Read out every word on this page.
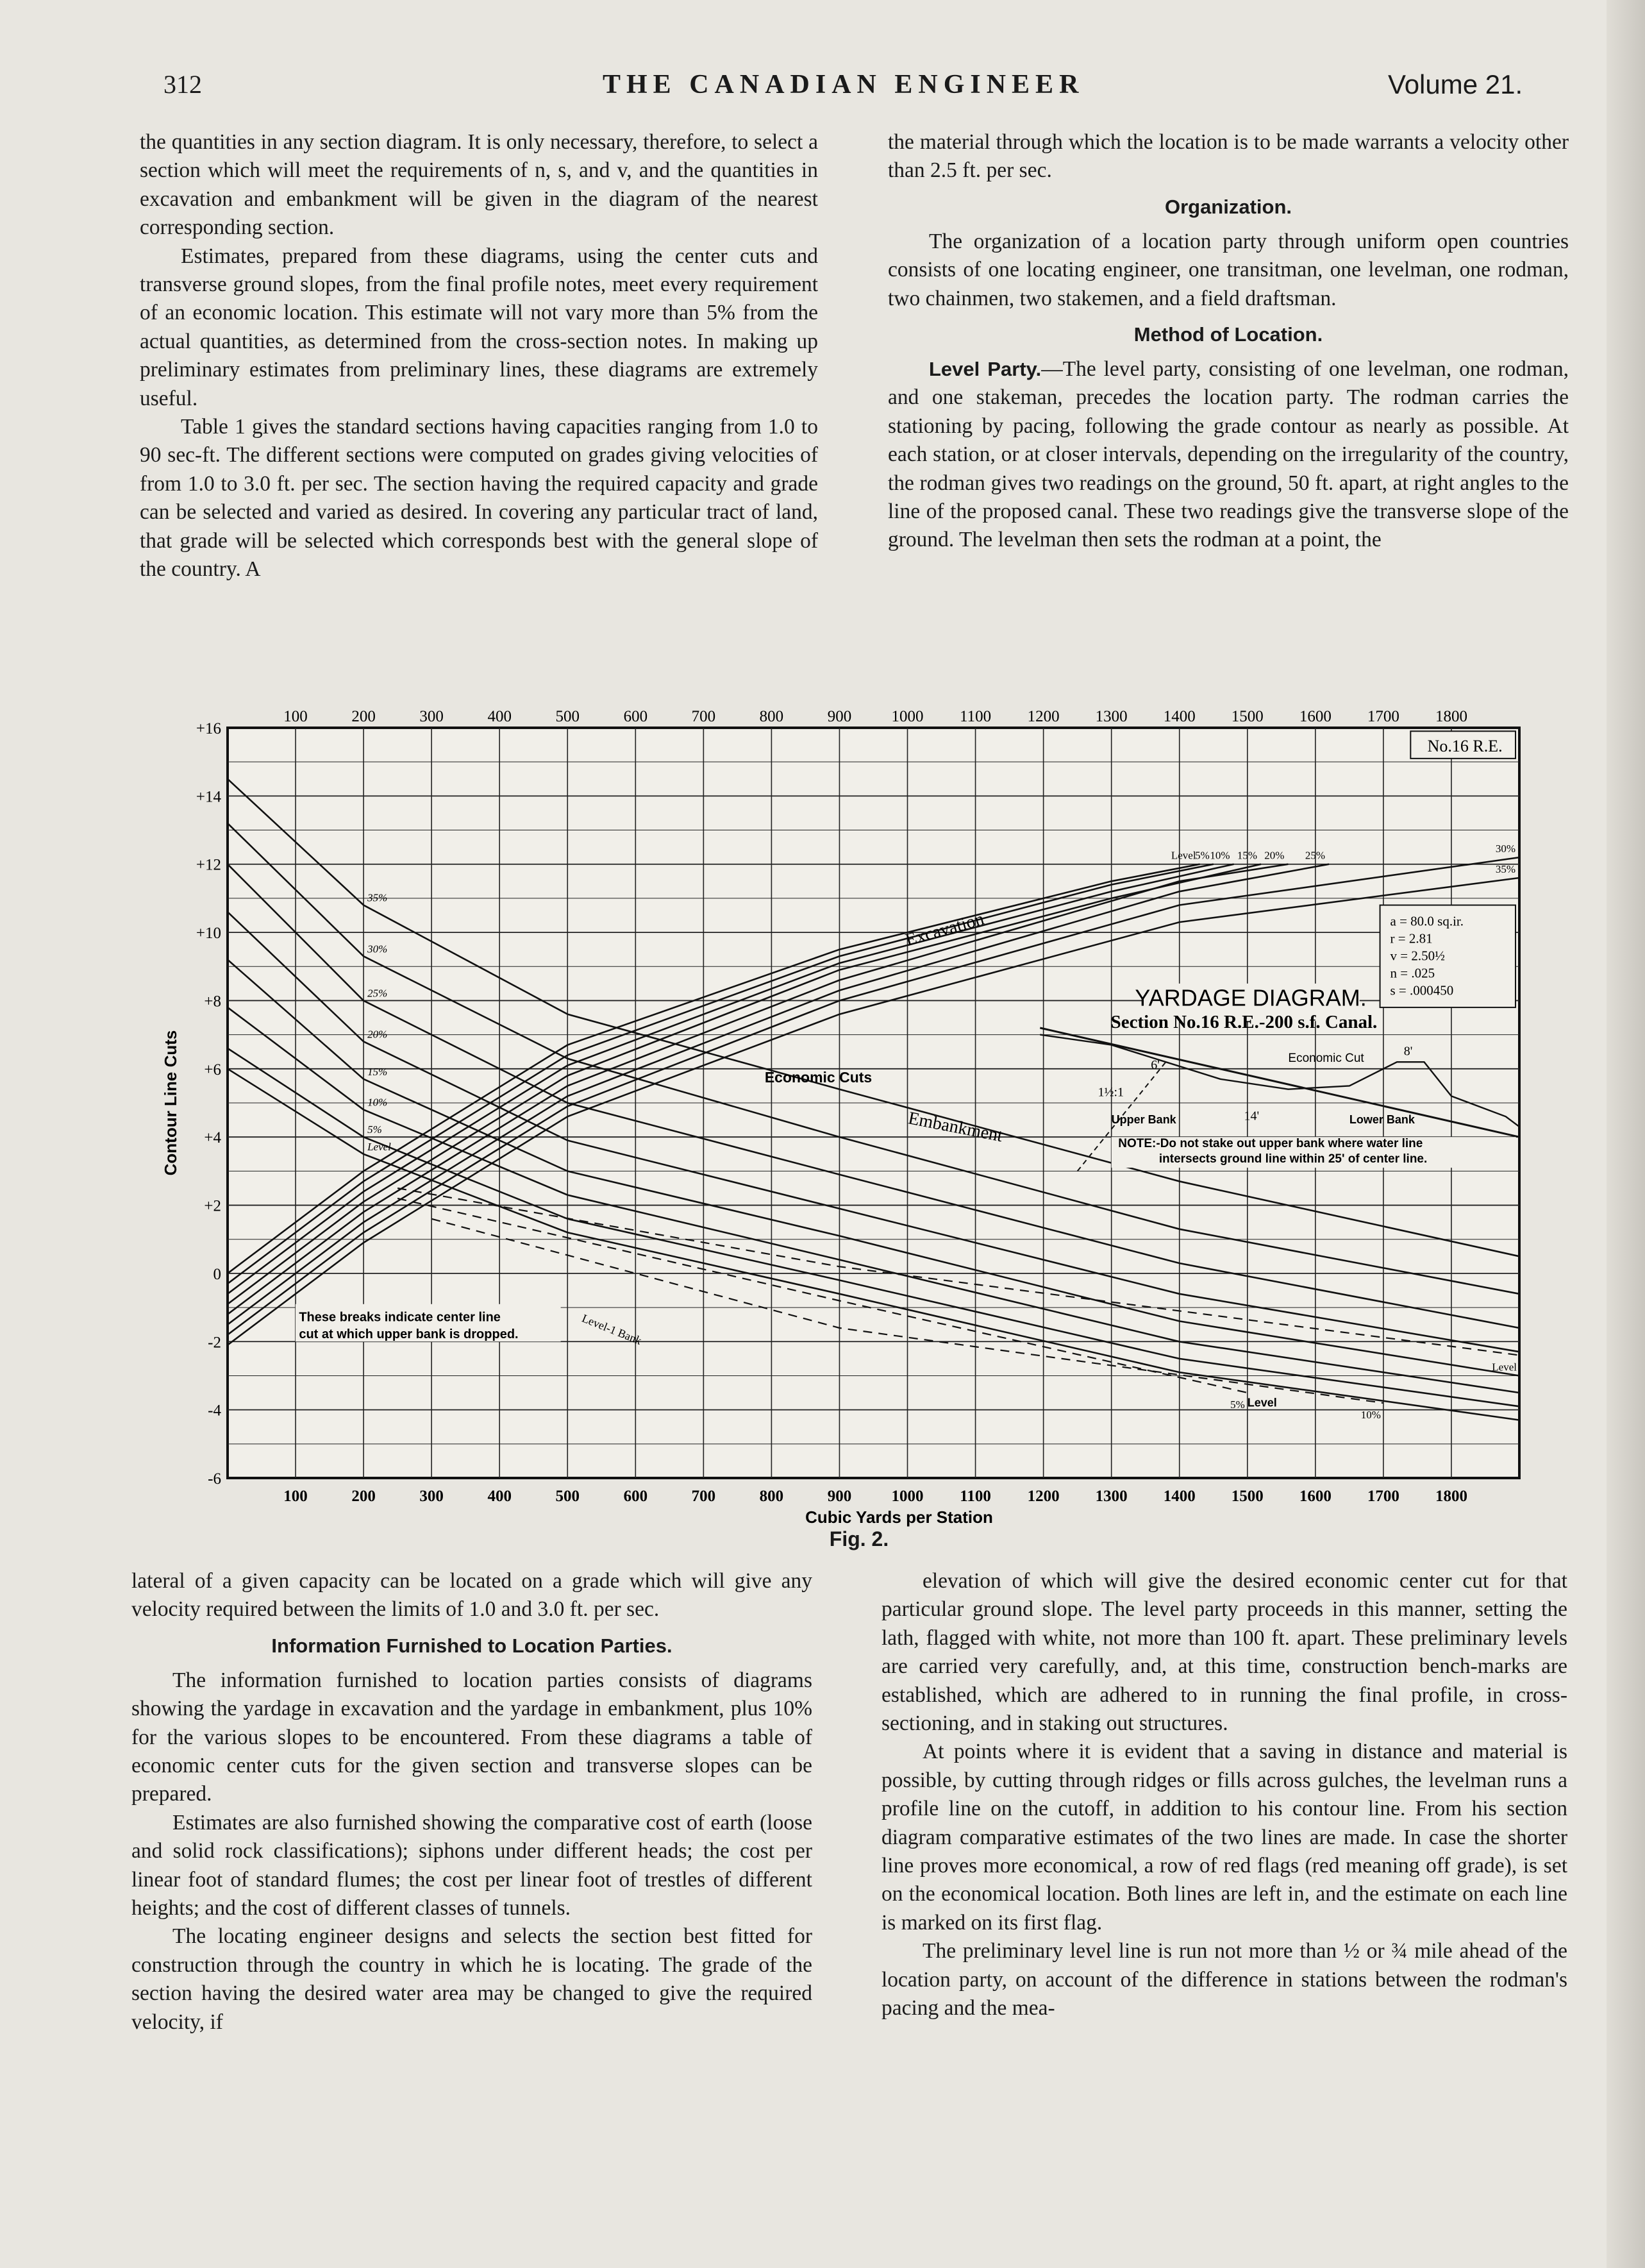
312	THE CANADIAN ENGINEER	Volume 21.

the quantities in any section diagram. It is only necessary, therefore, to select a section which will meet the requirements of n, s, and v, and the quantities in excavation and embankment will be given in the diagram of the nearest corresponding section.

Estimates, prepared from these diagrams, using the center cuts and transverse ground slopes, from the final profile notes, meet every requirement of an economic location. This estimate will not vary more than 5% from the actual quantities, as determined from the cross-section notes. In making up preliminary estimates from preliminary lines, these diagrams are extremely useful.

Table 1 gives the standard sections having capacities ranging from 1.0 to 90 sec-ft. The different sections were computed on grades giving velocities of from 1.0 to 3.0 ft. per sec. The section having the required capacity and grade can be selected and varied as desired. In covering any particular tract of land, that grade will be selected which corresponds best with the general slope of the country. A

the material through which the location is to be made warrants a velocity other than 2.5 ft. per sec.

Organization.

The organization of a location party through uniform open countries consists of one locating engineer, one transitman, one levelman, one rodman, two chainmen, two stakemen, and a field draftsman.

Method of Location.

Level Party.—The level party, consisting of one levelman, one rodman, and one stakeman, precedes the location party. The rodman carries the stationing by pacing, following the grade contour as nearly as possible. At each station, or at closer intervals, depending on the irregularity of the country, the rodman gives two readings on the ground, 50 ft. apart, at right angles to the line of the proposed canal. These two readings give the transverse slope of the ground. The levelman then sets the rodman at a point, the

100
100
200
200
300
300
400
400
500
500
600
600
700
700
800
800
900
900
1000
1000
1100
1100
1200
1200
1300
1300
1400
1400
1500
1500
1600
1600
1700
1700
1800
1800
+16
+14
+12
+10
+8
+6
+4
+2
0
-2
-4
-6
Cubic Yards per Station
Contour Line Cuts
No.16 R.E.
Level
5% 10% 15% 20% 25%
30%
35%
35%
30%
25%
20%
15%
10%
5%
Level
Level
5%
10%
Excavation
Embankment
Economic Cuts
YARDAGE DIAGRAM.
Section No.16 R.E.-200 s.f. Canal.
a = 80.0 sq.ir.
r = 2.81
v = 2.50½
n = .025
s = .000450
Economic Cut
Upper Bank	Lower Bank
1½:1
6'
8'
14'
NOTE:-Do not stake out upper bank where water line
intersects ground line within 25' of center line.
These breaks indicate center line
cut at which upper bank is dropped.	Level-1 Bank
Level
Fig. 2.

lateral of a given capacity can be located on a grade which will give any velocity required between the limits of 1.0 and 3.0 ft. per sec.

Information Furnished to Location Parties.

The information furnished to location parties consists of diagrams showing the yardage in excavation and the yardage in embankment, plus 10% for the various slopes to be encountered. From these diagrams a table of economic center cuts for the given section and transverse slopes can be prepared.

Estimates are also furnished showing the comparative cost of earth (loose and solid rock classifications); siphons under different heads; the cost per linear foot of standard flumes; the cost per linear foot of trestles of different heights; and the cost of different classes of tunnels.

The locating engineer designs and selects the section best fitted for construction through the country in which he is locating. The grade of the section having the desired water area may be changed to give the required velocity, if

elevation of which will give the desired economic center cut for that particular ground slope. The level party proceeds in this manner, setting the lath, flagged with white, not more than 100 ft. apart. These preliminary levels are carried very carefully, and, at this time, construction bench-marks are established, which are adhered to in running the final profile, in cross-sectioning, and in staking out structures.

At points where it is evident that a saving in distance and material is possible, by cutting through ridges or fills across gulches, the levelman runs a profile line on the cutoff, in addition to his contour line. From his section diagram comparative estimates of the two lines are made. In case the shorter line proves more economical, a row of red flags (red meaning off grade), is set on the economical location. Both lines are left in, and the estimate on each line is marked on its first flag.

The preliminary level line is run not more than ½ or ¾ mile ahead of the location party, on account of the difference in stations between the rodman's pacing and the mea-
